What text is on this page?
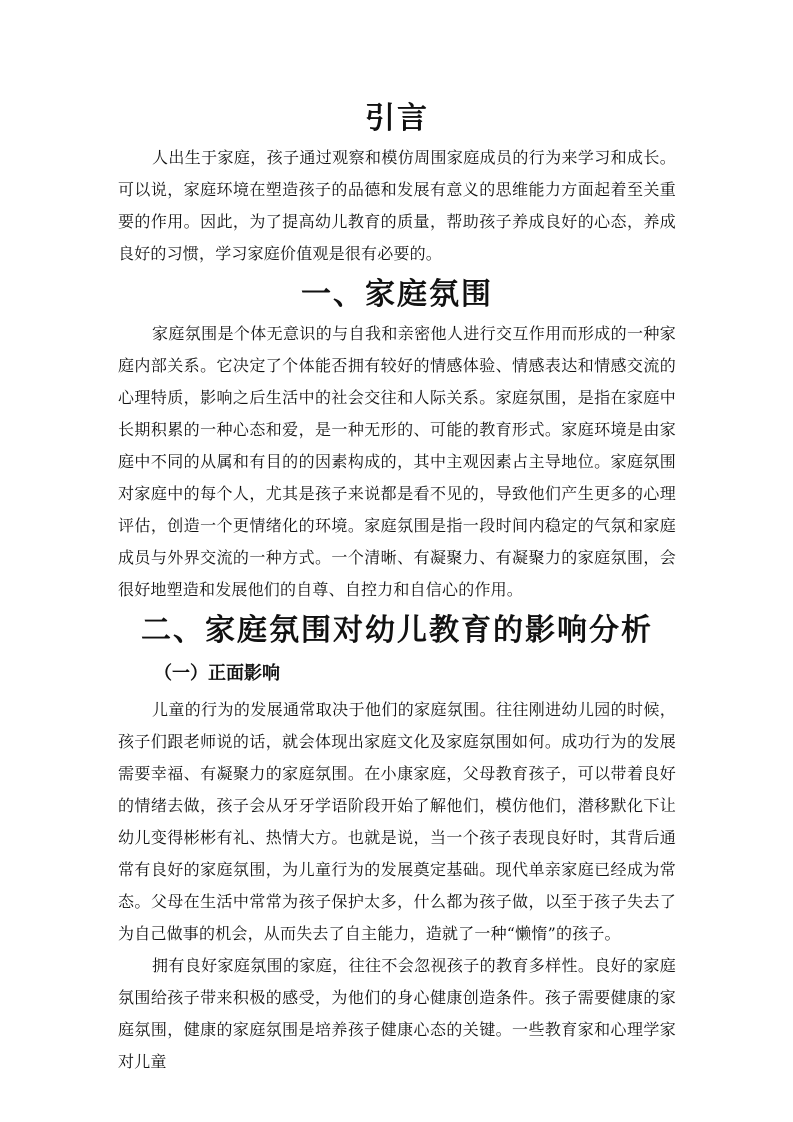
引言

人出生于家庭，孩子通过观察和模仿周围家庭成员的行为来学习和成长。可以说，家庭环境在塑造孩子的品德和发展有意义的思维能力方面起着至关重要的作用。因此，为了提高幼儿教育的质量，帮助孩子养成良好的心态，养成良好的习惯，学习家庭价值观是很有必要的。

一、家庭氛围

家庭氛围是个体无意识的与自我和亲密他人进行交互作用而形成的一种家庭内部关系。它决定了个体能否拥有较好的情感体验、情感表达和情感交流的心理特质，影响之后生活中的社会交往和人际关系。家庭氛围，是指在家庭中长期积累的一种心态和爱，是一种无形的、可能的教育形式。家庭环境是由家庭中不同的从属和有目的的因素构成的，其中主观因素占主导地位。家庭氛围对家庭中的每个人，尤其是孩子来说都是看不见的，导致他们产生更多的心理评估，创造一个更情绪化的环境。家庭氛围是指一段时间内稳定的气氛和家庭成员与外界交流的一种方式。一个清晰、有凝聚力、有凝聚力的家庭氛围，会很好地塑造和发展他们的自尊、自控力和自信心的作用。

二、家庭氛围对幼儿教育的影响分析
（一）正面影响

儿童的行为的发展通常取决于他们的家庭氛围。往往刚进幼儿园的时候，孩子们跟老师说的话，就会体现出家庭文化及家庭氛围如何。成功行为的发展需要幸福、有凝聚力的家庭氛围。在小康家庭，父母教育孩子，可以带着良好的情绪去做，孩子会从牙牙学语阶段开始了解他们，模仿他们，潜移默化下让幼儿变得彬彬有礼、热情大方。也就是说，当一个孩子表现良好时，其背后通常有良好的家庭氛围，为儿童行为的发展奠定基础。现代单亲家庭已经成为常态。父母在生活中常常为孩子保护太多，什么都为孩子做，以至于孩子失去了为自己做事的机会，从而失去了自主能力，造就了一种“懒惰”的孩子。

拥有良好家庭氛围的家庭，往往不会忽视孩子的教育多样性。良好的家庭氛围给孩子带来积极的感受，为他们的身心健康创造条件。孩子需要健康的家庭氛围，健康的家庭氛围是培养孩子健康心态的关键。一些教育家和心理学家对儿童
